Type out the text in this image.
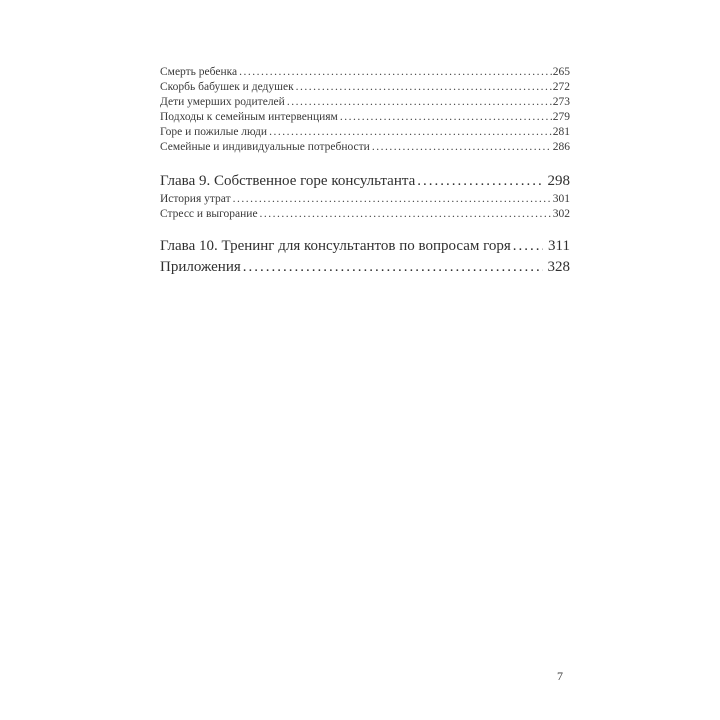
Смерть ребенка .....	265
Скорбь бабушек и дедушек .....	272
Дети умерших родителей .....	273
Подходы к семейным интервенциям .....	279
Горе и пожилые люди .....	281
Семейные и индивидуальные потребности .....	286
Глава 9. Собственное горе консультанта .....	298
История утрат .....	301
Стресс и выгорание .....	302
Глава 10. Тренинг для консультантов по вопросам горя ..... 311
Приложения .....	328
7
